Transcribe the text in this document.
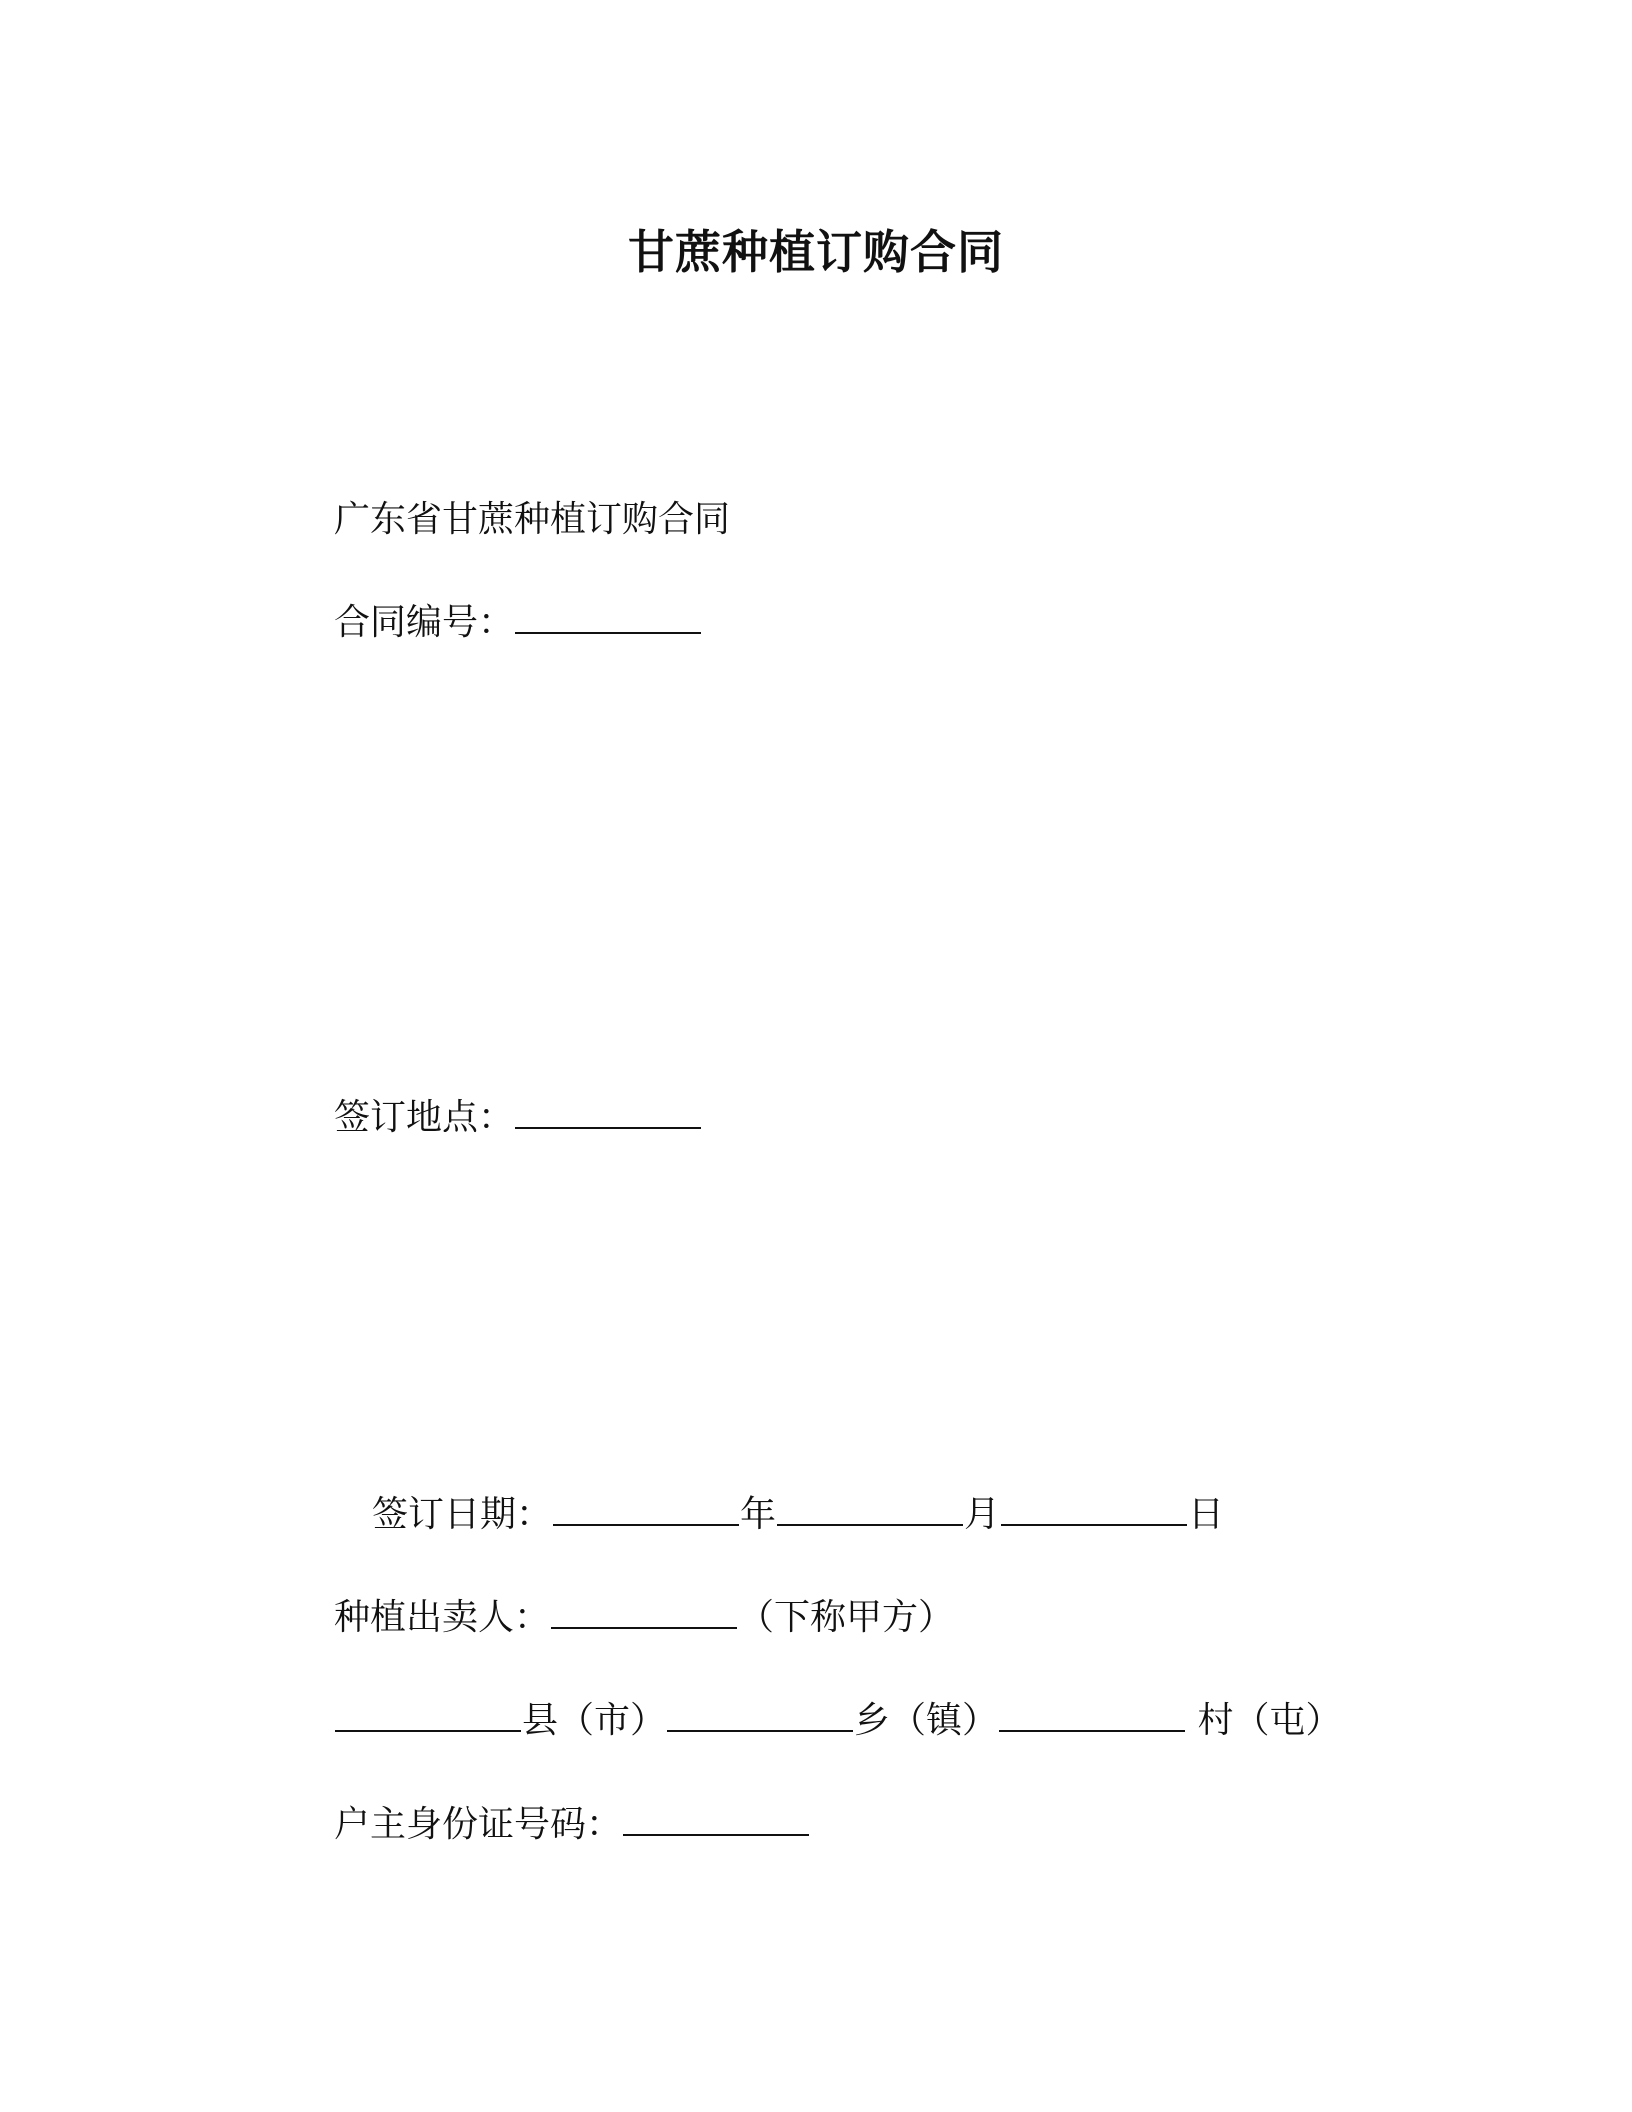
甘蔗种植订购合同
广东省甘蔗种植订购合同
合同编号：
签订地点：
签订日期：	年	月	日
种植出卖人：	（下称甲方）
县（市）	乡（镇）	村（屯）
户主身份证号码：
